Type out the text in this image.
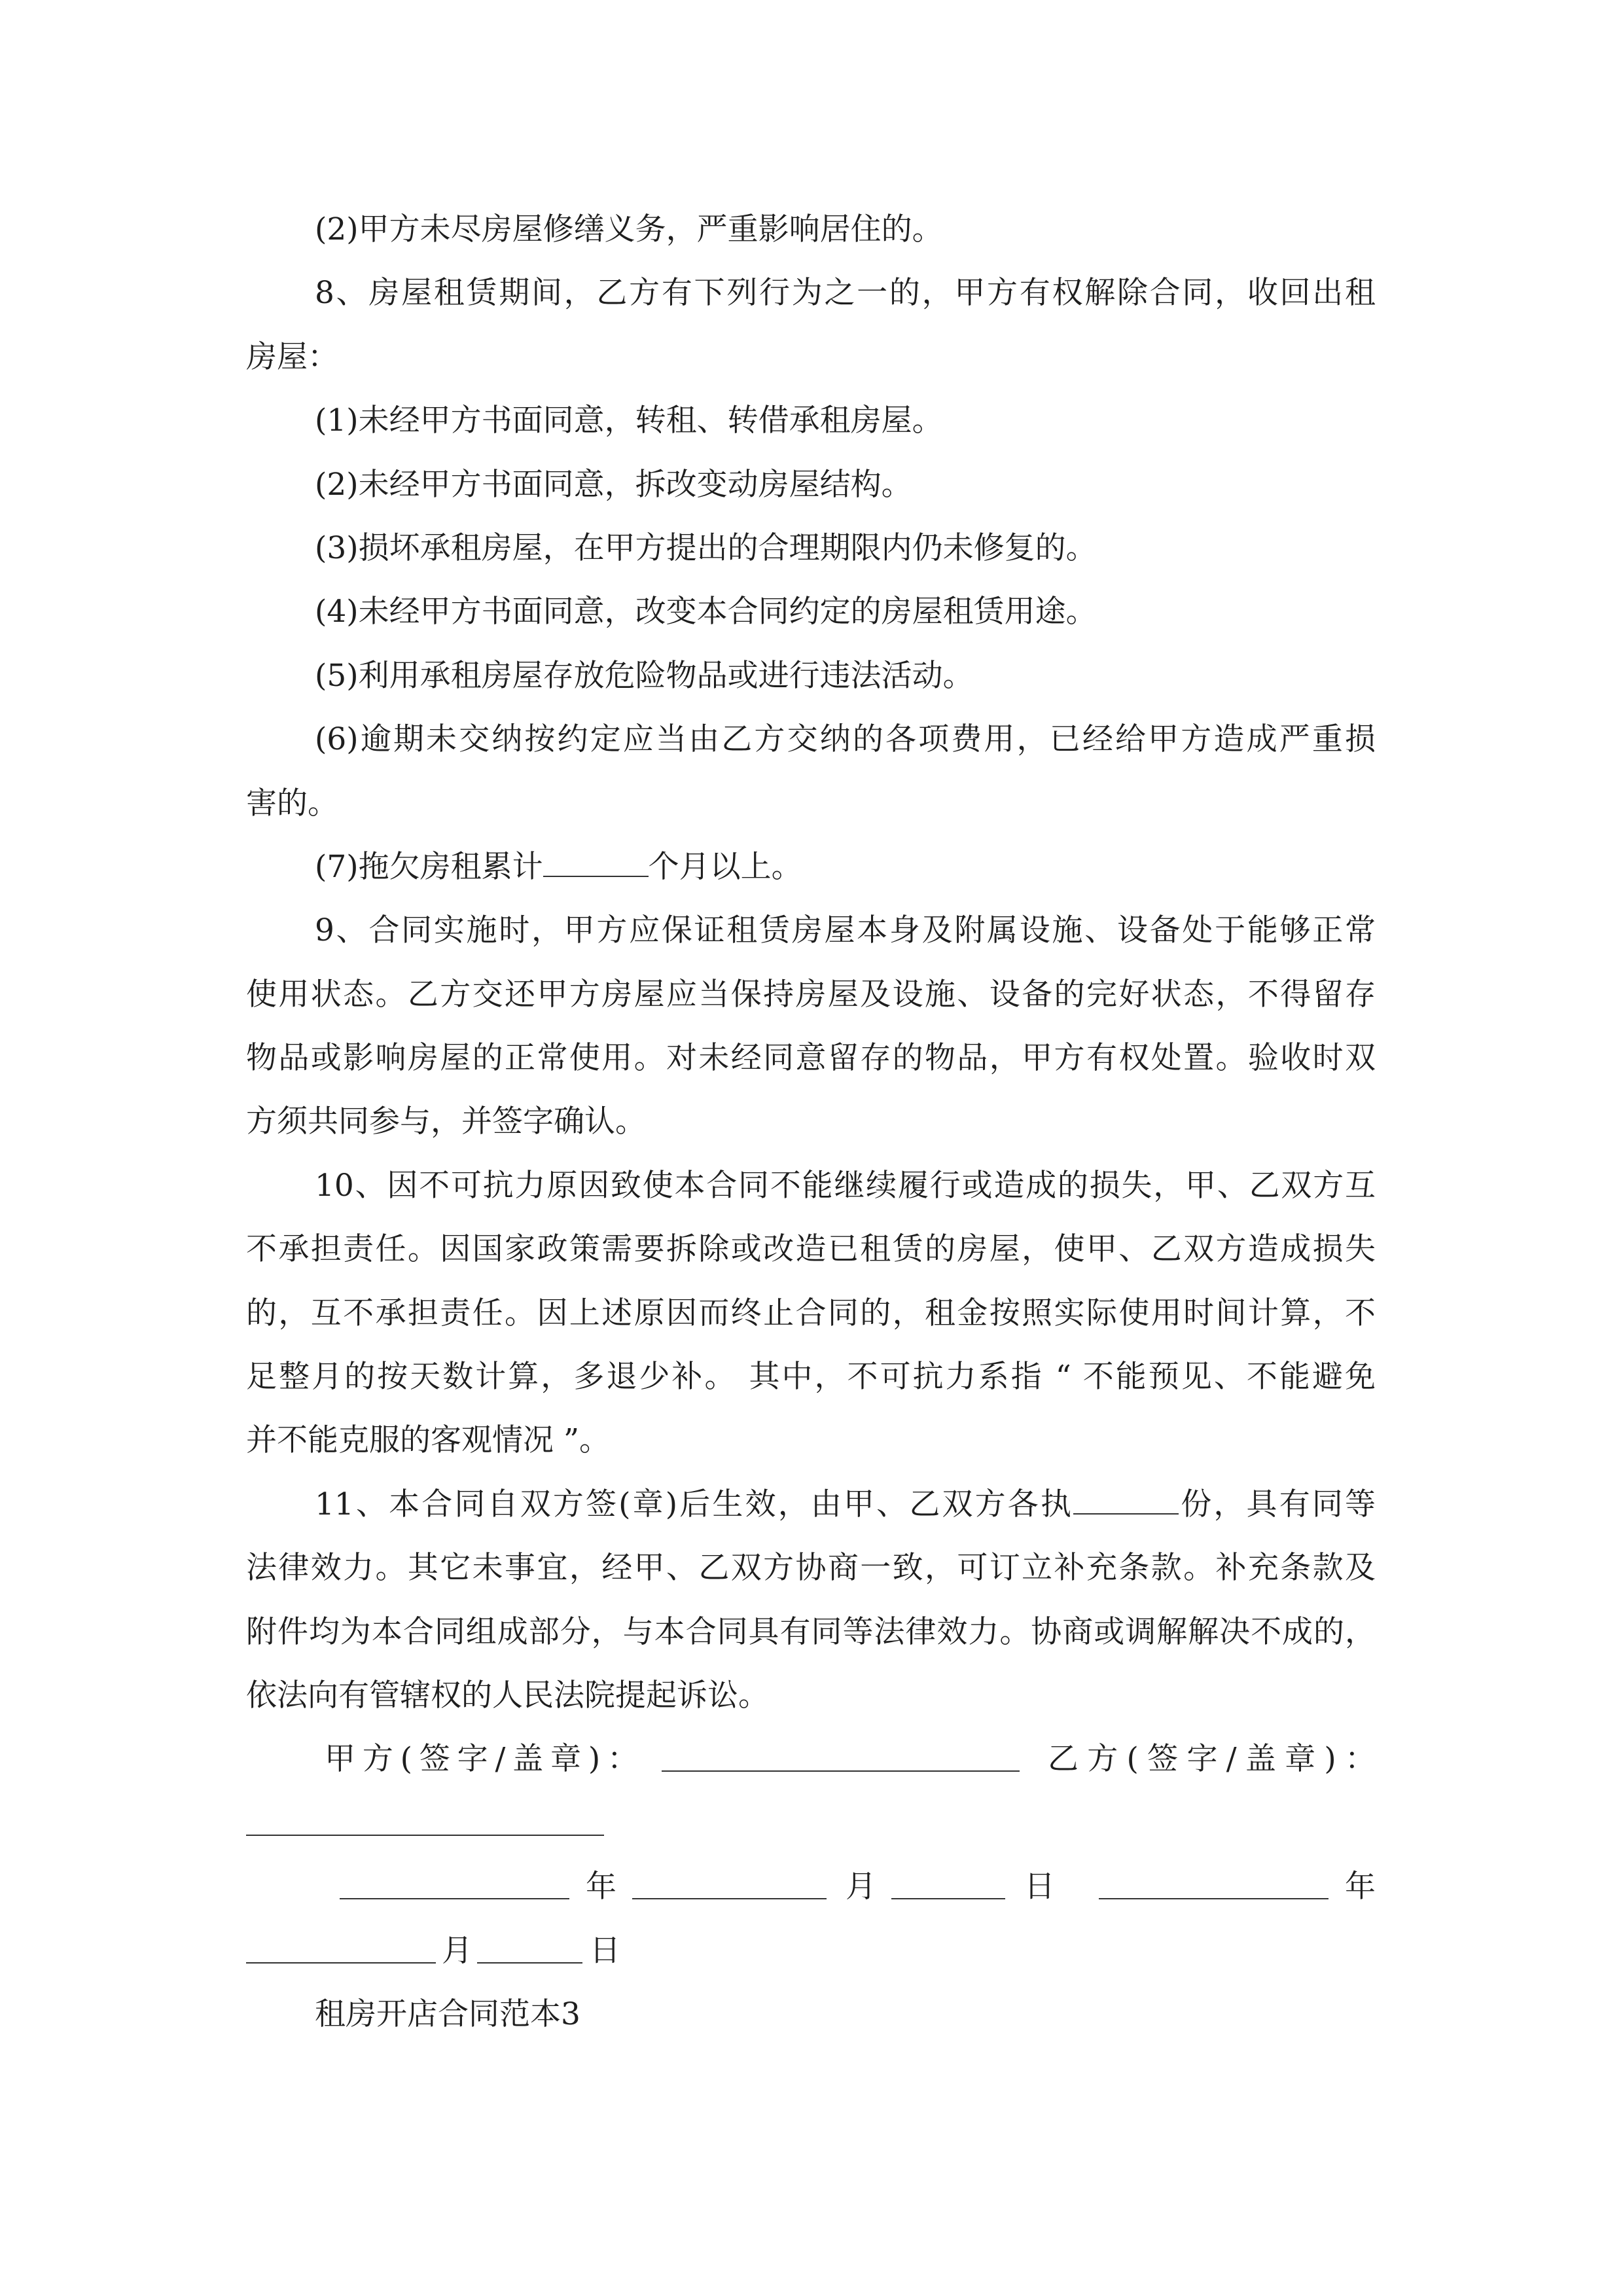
(2)甲方未尽房屋修缮义务，严重影响居住的。
8、房屋租赁期间，乙方有下列行为之一的，甲方有权解除合同，收回出租
房屋：
(1)未经甲方书面同意，转租、转借承租房屋。
(2)未经甲方书面同意，拆改变动房屋结构。
(3)损坏承租房屋，在甲方提出的合理期限内仍未修复的。
(4)未经甲方书面同意，改变本合同约定的房屋租赁用途。
(5)利用承租房屋存放危险物品或进行违法活动。
(6)逾期未交纳按约定应当由乙方交纳的各项费用，已经给甲方造成严重损
害的。
(7)拖欠房租累计	个月以上。
9、合同实施时，甲方应保证租赁房屋本身及附属设施、设备处于能够正常
使用状态。乙方交还甲方房屋应当保持房屋及设施、设备的完好状态，不得留存
物品或影响房屋的正常使用。对未经同意留存的物品，甲方有权处置。验收时双
方须共同参与，并签字确认。
10、因不可抗力原因致使本合同不能继续履行或造成的损失，甲、乙双方互
不承担责任。因国家政策需要拆除或改造已租赁的房屋，使甲、乙双方造成损失
的，互不承担责任。因上述原因而终止合同的，租金按照实际使用时间计算，不
足整月的按天数计算，多退少补。 其中，不可抗力系指 “ 不能预见、不能避免
并不能克服的客观情况 ”。
11、本合同自双方签(章)后生效，由甲、乙双方各执	份，具有同等
法律效力。其它未事宜，经甲、乙双方协商一致，可订立补充条款。补充条款及
附件均为本合同组成部分，与本合同具有同等法律效力。协商或调解解决不成的，
依法向有管辖权的人民法院提起诉讼。
甲方(签字/盖章)：	乙方(签字/盖章)：
年	月	日	年
月	日
租房开店合同范本3
